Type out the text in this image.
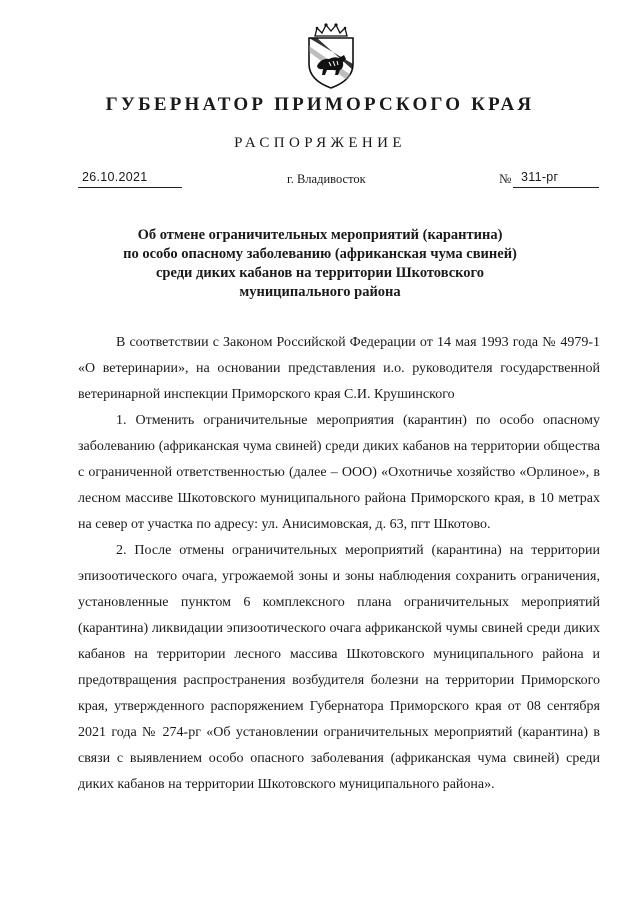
ГУБЕРНАТОР ПРИМОРСКОГО КРАЯ
РАСПОРЯЖЕНИЕ
26.10.2021	г. Владивосток	№ 311-рг
Об отмене ограничительных мероприятий (карантина)
по особо опасному заболеванию (африканская чума свиней)
среди диких кабанов на территории Шкотовского
муниципального района

В соответствии с Законом Российской Федерации от 14 мая 1993 года № 4979-1 «О ветеринарии», на основании представления и.о. руководителя государственной ветеринарной инспекции Приморского края С.И. Крушинского

1. Отменить ограничительные мероприятия (карантин) по особо опасному заболеванию (африканская чума свиней) среди диких кабанов на территории общества с ограниченной ответственностью (далее – ООО) «Охотничье хозяйство «Орлиное», в лесном массиве Шкотовского муниципального района Приморского края, в 10 метрах на север от участка по адресу: ул. Анисимовская, д. 63, пгт Шкотово.

2. После отмены ограничительных мероприятий (карантина) на территории эпизоотического очага, угрожаемой зоны и зоны наблюдения сохранить ограничения, установленные пунктом 6 комплексного плана ограничительных мероприятий (карантина) ликвидации эпизоотического очага африканской чумы свиней среди диких кабанов на территории лесного массива Шкотовского муниципального района и предотвращения распространения возбудителя болезни на территории Приморского края, утвержденного распоряжением Губернатора Приморского края от 08 сентября 2021 года № 274-рг «Об установлении ограничительных мероприятий (карантина) в связи с выявлением особо опасного заболевания (африканская чума свиней) среди диких кабанов на территории Шкотовского муниципального района».
